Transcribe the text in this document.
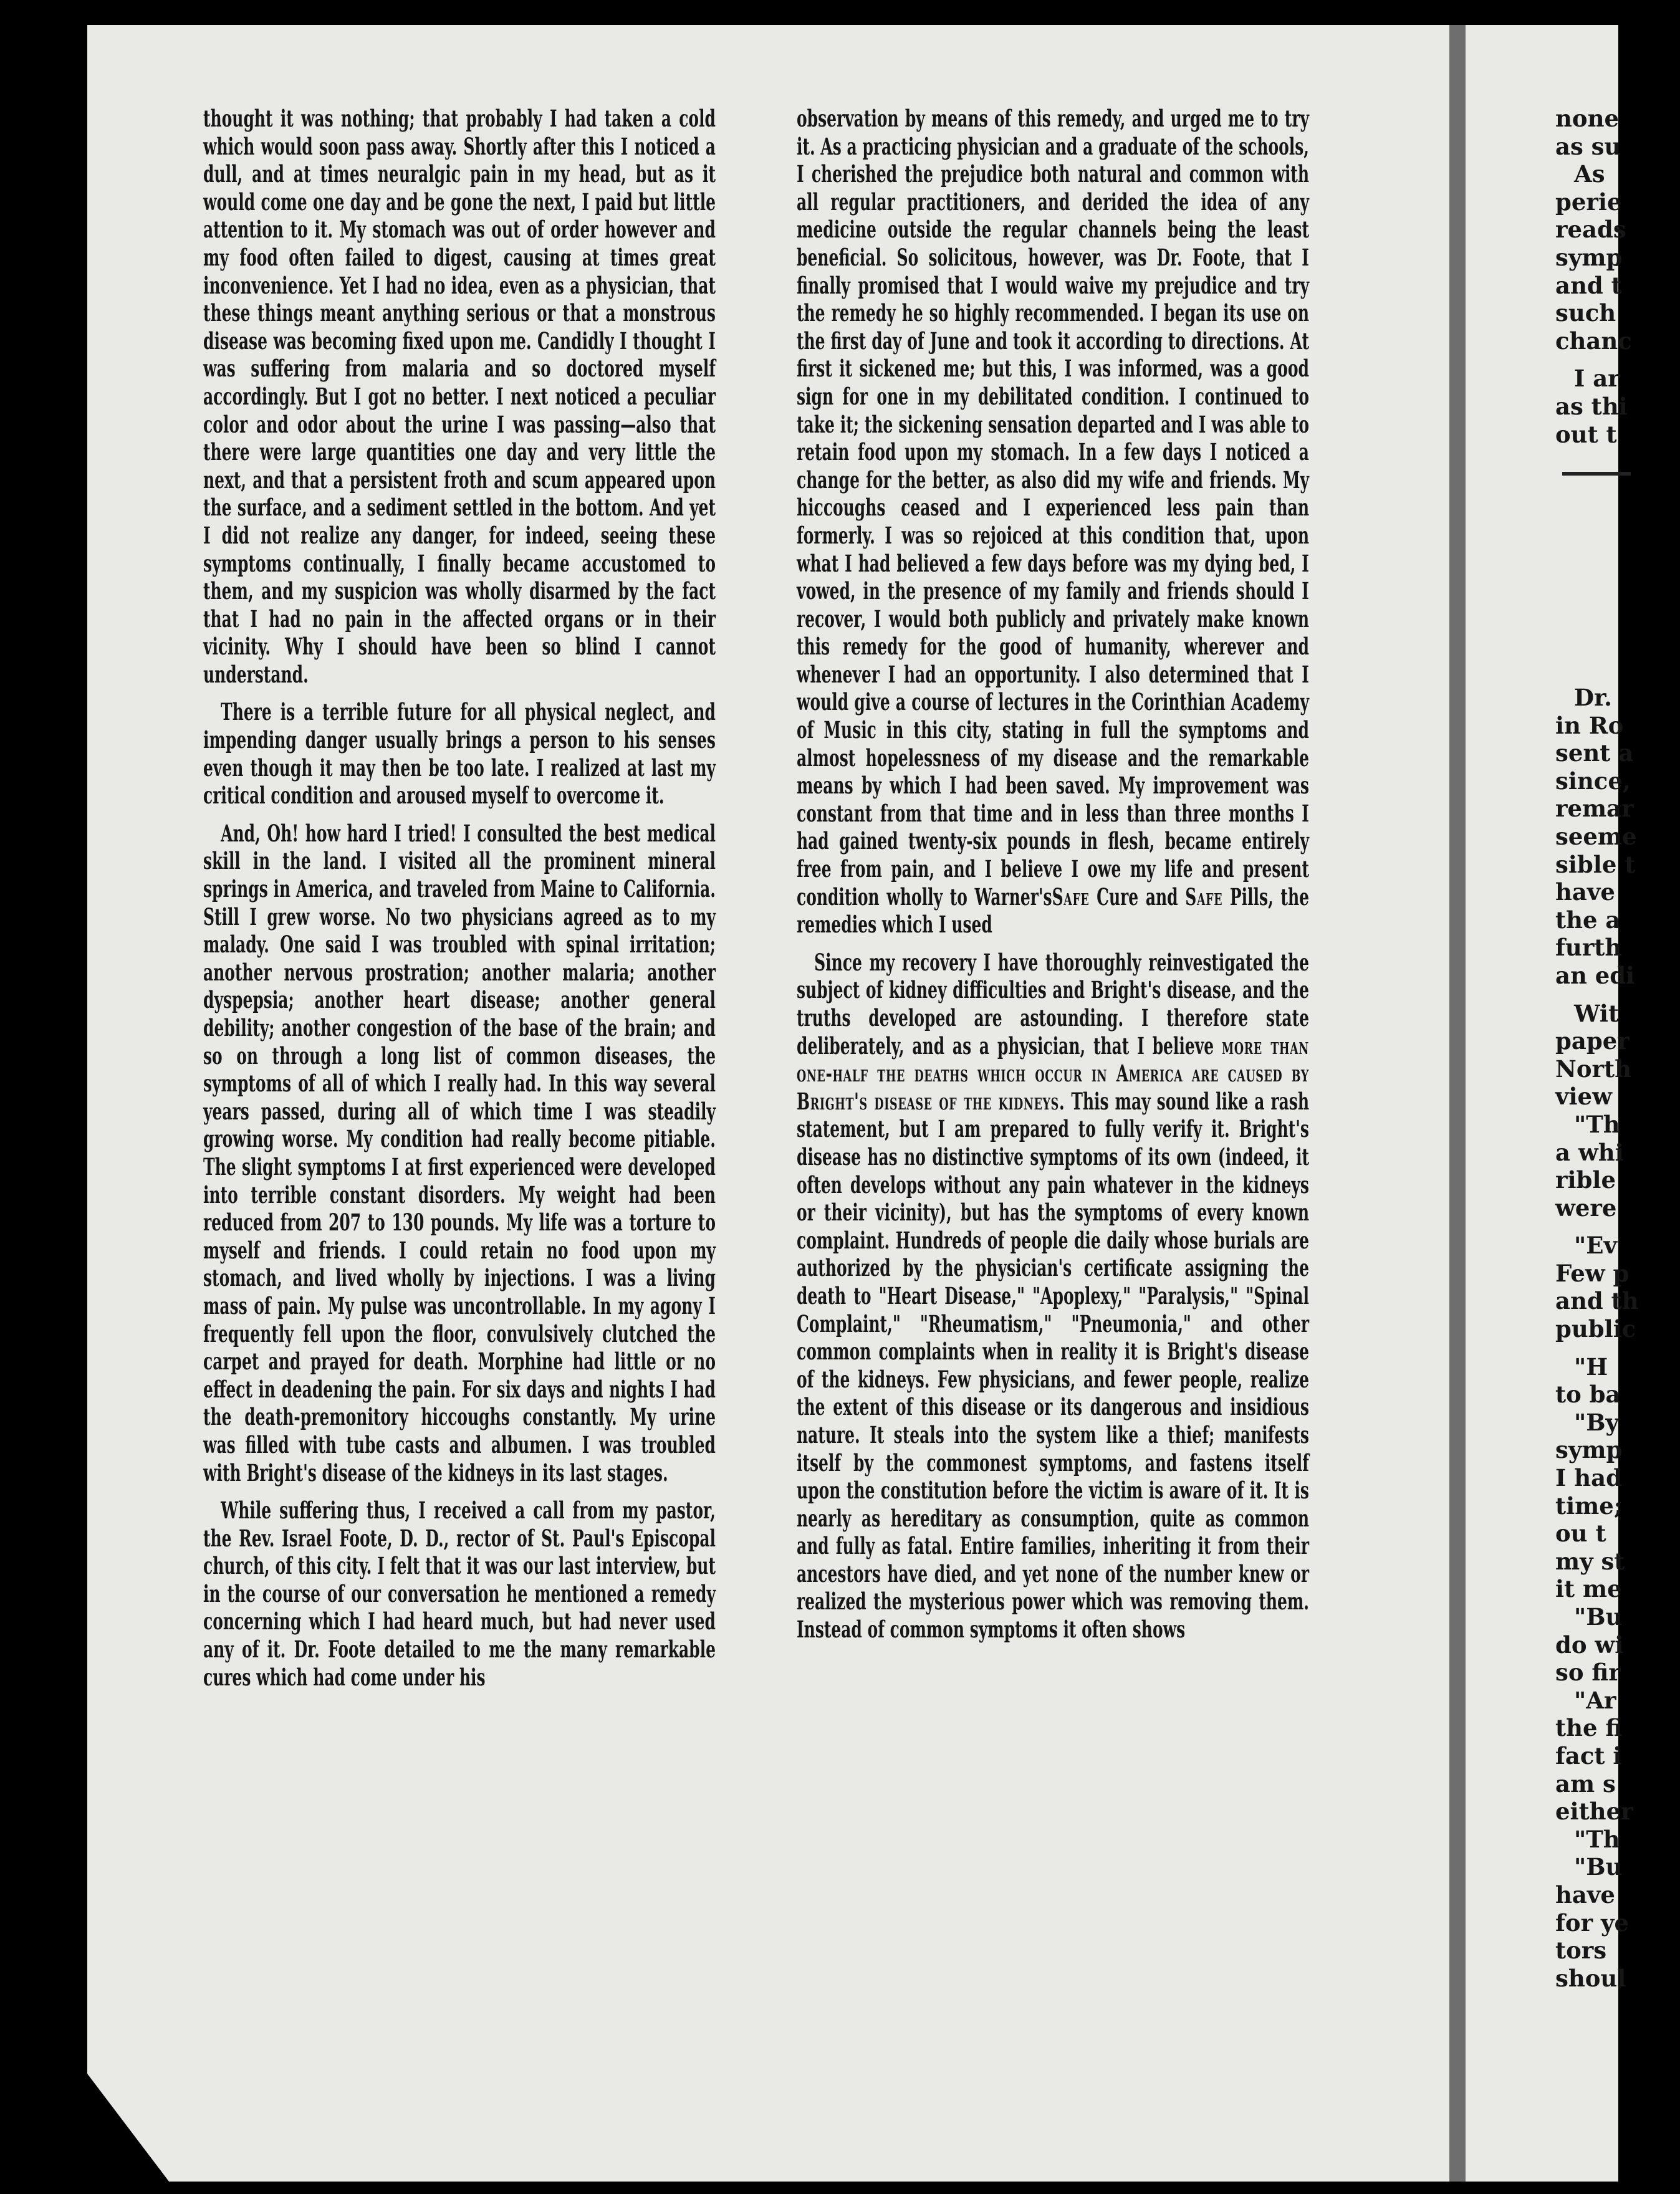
thought it was nothing; that probably I had taken a cold which would soon pass away. Shortly after this I noticed a dull, and at times neuralgic pain in my head, but as it would come one day and be gone the next, I paid but little attention to it. My stomach was out of order however and my food often failed to digest, causing at times great inconvenience. Yet I had no idea, even as a physician, that these things meant anything serious or that a monstrous disease was becoming fixed upon me. Candidly I thought I was suffering from malaria and so doctored myself accordingly. But I got no better. I next noticed a peculiar color and odor about the urine I was passing—also that there were large quantities one day and very little the next, and that a persistent froth and scum appeared upon the surface, and a sediment settled in the bottom. And yet I did not realize any danger, for indeed, seeing these symptoms continually, I finally became accustomed to them, and my suspicion was wholly disarmed by the fact that I had no pain in the affected organs or in their vicinity. Why I should have been so blind I cannot understand.

There is a terrible future for all physical neglect, and impending danger usually brings a person to his senses even though it may then be too late. I realized at last my critical condition and aroused myself to overcome it.

And, Oh! how hard I tried! I consulted the best medical skill in the land. I visited all the prominent mineral springs in America, and traveled from Maine to California. Still I grew worse. No two physicians agreed as to my malady. One said I was troubled with spinal irritation; another nervous prostration; another malaria; another dyspepsia; another heart disease; another general debility; another congestion of the base of the brain; and so on through a long list of common diseases, the symptoms of all of which I really had. In this way several years passed, during all of which time I was steadily growing worse. My condition had really become pitiable. The slight symptoms I at first experienced were developed into terrible constant disorders. My weight had been reduced from 207 to 130 pounds. My life was a torture to myself and friends. I could retain no food upon my stomach, and lived wholly by injections. I was a living mass of pain. My pulse was uncontrollable. In my agony I frequently fell upon the floor, convulsively clutched the carpet and prayed for death. Morphine had little or no effect in deadening the pain. For six days and nights I had the death-premonitory hiccoughs constantly. My urine was filled with tube casts and albumen. I was troubled with Bright's disease of the kidneys in its last stages.

While suffering thus, I received a call from my pastor, the Rev. Israel Foote, D. D., rector of St. Paul's Episcopal church, of this city. I felt that it was our last interview, but in the course of our conversation he mentioned a remedy concerning which I had heard much, but had never used any of it. Dr. Foote detailed to me the many remarkable cures which had come under his

observation by means of this remedy, and urged me to try it. As a practicing physician and a graduate of the schools, I cherished the prejudice both natural and common with all regular practitioners, and derided the idea of any medicine outside the regular channels being the least beneficial. So solicitous, however, was Dr. Foote, that I finally promised that I would waive my prejudice and try the remedy he so highly recommended. I began its use on the first day of June and took it according to directions. At first it sickened me; but this, I was informed, was a good sign for one in my debilitated condition. I continued to take it; the sickening sensation departed and I was able to retain food upon my stomach. In a few days I noticed a change for the better, as also did my wife and friends. My hiccoughs ceased and I experienced less pain than formerly. I was so rejoiced at this condition that, upon what I had believed a few days before was my dying bed, I vowed, in the presence of my family and friends should I recover, I would both publicly and privately make known this remedy for the good of humanity, wherever and whenever I had an opportunity. I also determined that I would give a course of lectures in the Corinthian Academy of Music in this city, stating in full the symptoms and almost hopelessness of my disease and the remarkable means by which I had been saved. My improvement was constant from that time and in less than three months I had gained twenty-six pounds in flesh, became entirely free from pain, and I believe I owe my life and present condition wholly to Warner'sSafe Cure and Safe Pills, the remedies which I used

Since my recovery I have thoroughly reinvestigated the subject of kidney difficulties and Bright's disease, and the truths developed are astounding. I therefore state deliberately, and as a physician, that I believe more than one-half the deaths which occur in America are caused by Bright's disease of the kidneys. This may sound like a rash statement, but I am prepared to fully verify it. Bright's disease has no distinctive symptoms of its own (indeed, it often develops without any pain whatever in the kidneys or their vicinity), but has the symptoms of every known complaint. Hundreds of people die daily whose burials are authorized by the physician's certificate assigning the death to "Heart Disease," "Apoplexy," "Paralysis," "Spinal Complaint," "Rheumatism," "Pneumonia," and other common complaints when in reality it is Bright's disease of the kidneys. Few physicians, and fewer people, realize the extent of this disease or its dangerous and insidious nature. It steals into the system like a thief; manifests itself by the commonest symptoms, and fastens itself upon the constitution before the victim is aware of it. It is nearly as hereditary as consumption, quite as common and fully as fatal. Entire families, inheriting it from their ancestors have died, and yet none of the number knew or realized the mysterious power which was removing them. Instead of common symptoms it often shows

none
as su
As
perie
reads
symp
and t
such
chanc
I ar
as thi
out t
Dr.
in Ro
sent a
since,
remar
seeme
sible t
have
the a
furth
an edi
Wit
paper
North
view
"Th
a whi
rible
were
"Ev
Few p
and th
public
"H
to ba
"By
symp
I had
time;
ou t
my st
it me
"Bu
do wi
so fir
"Ar
the fi
fact i
am s
either
"Th
"Bu
have
for ye
tors
shoul
